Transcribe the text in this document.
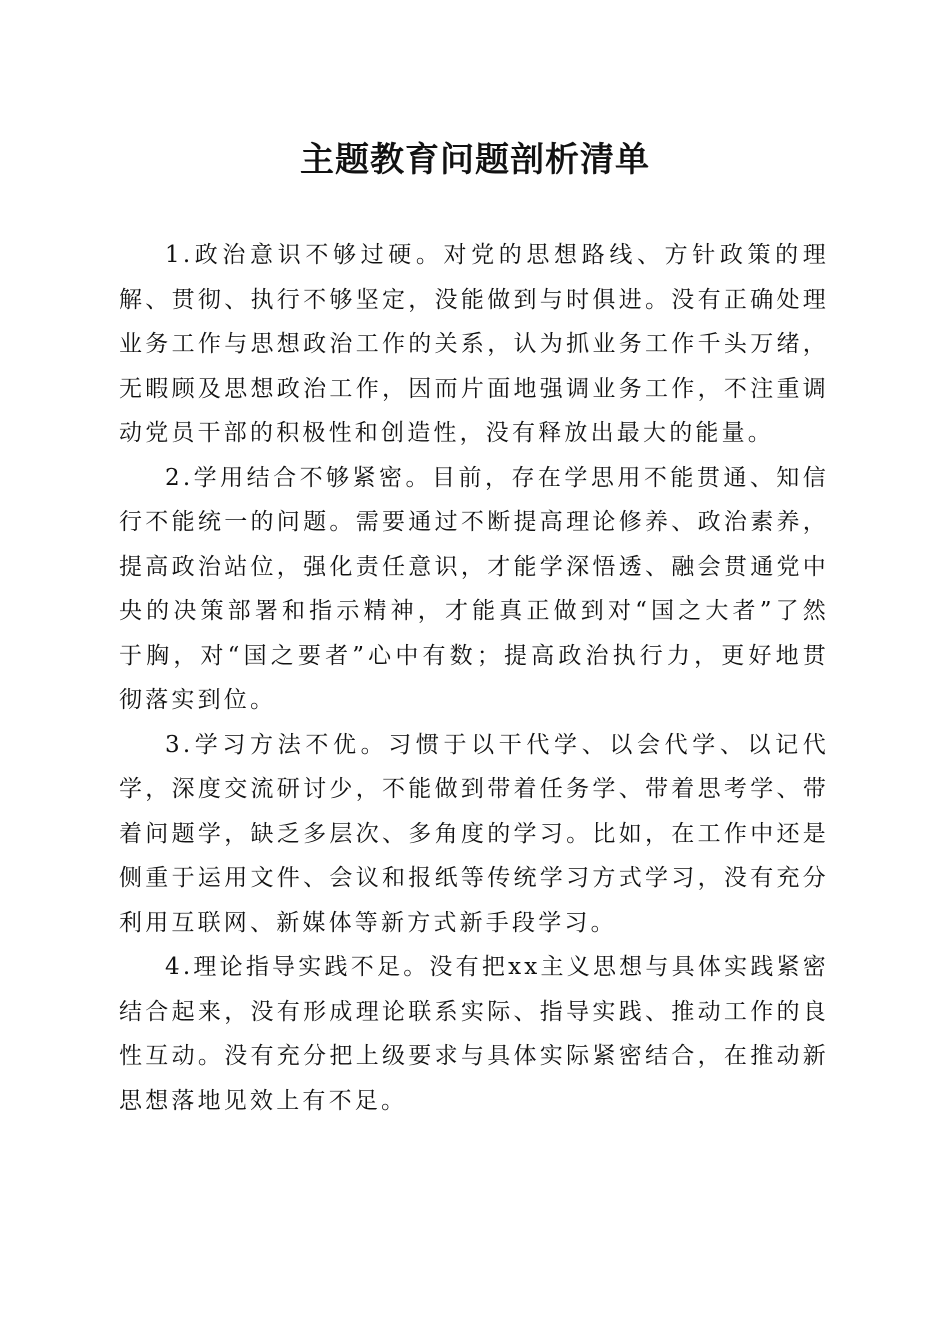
主题教育问题剖析清单

1.政治意识不够过硬。对党的思想路线、方针政策的理解、贯彻、执行不够坚定，没能做到与时俱进。没有正确处理业务工作与思想政治工作的关系，认为抓业务工作千头万绪，无暇顾及思想政治工作，因而片面地强调业务工作，不注重调动党员干部的积极性和创造性，没有释放出最大的能量。

2.学用结合不够紧密。目前，存在学思用不能贯通、知信行不能统一的问题。需要通过不断提高理论修养、政治素养，提高政治站位，强化责任意识，才能学深悟透、融会贯通党中央的决策部署和指示精神，才能真正做到对“国之大者”了然于胸，对“国之要者”心中有数；提高政治执行力，更好地贯彻落实到位。

3.学习方法不优。习惯于以干代学、以会代学、以记代学，深度交流研讨少，不能做到带着任务学、带着思考学、带着问题学，缺乏多层次、多角度的学习。比如，在工作中还是侧重于运用文件、会议和报纸等传统学习方式学习，没有充分利用互联网、新媒体等新方式新手段学习。

4.理论指导实践不足。没有把xx主义思想与具体实践紧密结合起来，没有形成理论联系实际、指导实践、推动工作的良性互动。没有充分把上级要求与具体实际紧密结合，在推动新思想落地见效上有不足。
